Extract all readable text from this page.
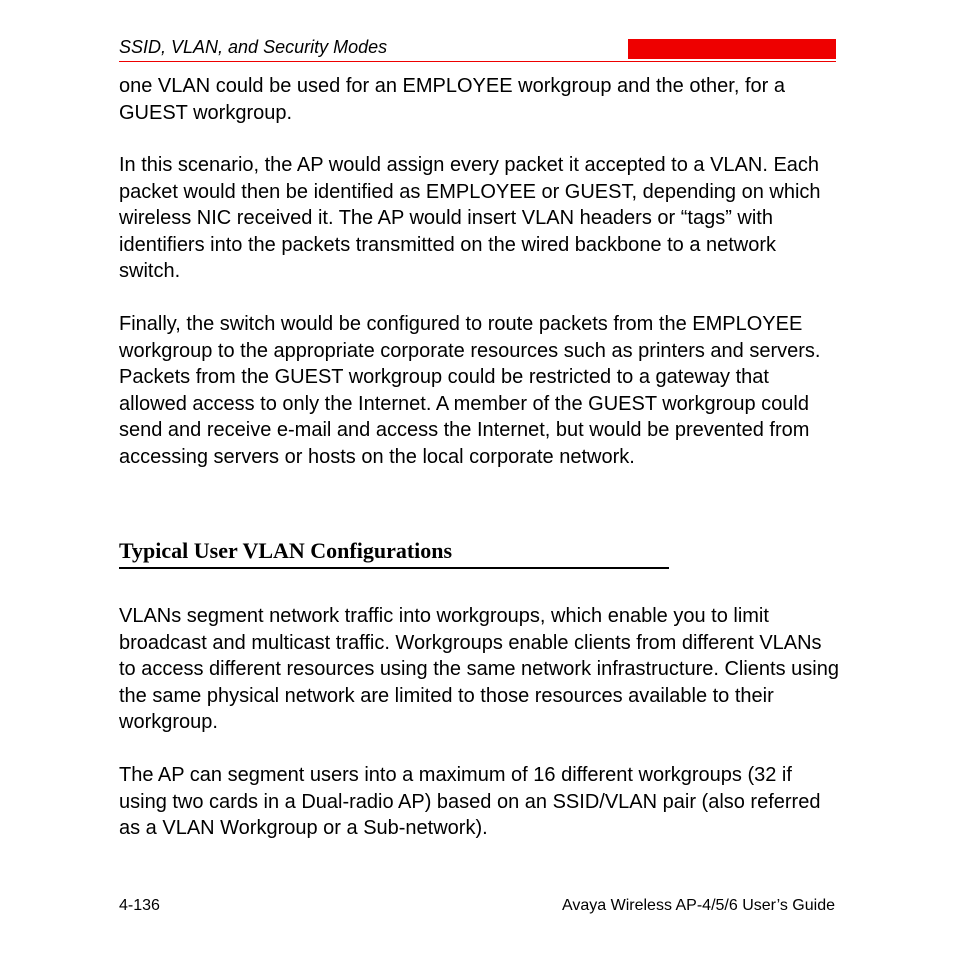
SSID, VLAN, and Security Modes

one VLAN could be used for an EMPLOYEE workgroup and the other, for a GUEST workgroup.

In this scenario, the AP would assign every packet it accepted to a VLAN. Each packet would then be identified as EMPLOYEE or GUEST, depending on which wireless NIC received it. The AP would insert VLAN headers or “tags” with identifiers into the packets transmitted on the wired backbone to a network switch.

Finally, the switch would be configured to route packets from the EMPLOYEE workgroup to the appropriate corporate resources such as printers and servers. Packets from the GUEST workgroup could be restricted to a gateway that allowed access to only the Internet. A member of the GUEST workgroup could send and receive e-mail and access the Internet, but would be prevented from accessing servers or hosts on the local corporate network.

Typical User VLAN Configurations

VLANs segment network traffic into workgroups, which enable you to limit broadcast and multicast traffic. Workgroups enable clients from different VLANs to access different resources using the same network infrastructure. Clients using the same physical network are limited to those resources available to their workgroup.

The AP can segment users into a maximum of 16 different workgroups (32 if using two cards in a Dual-radio AP) based on an SSID/VLAN pair (also referred as a VLAN Workgroup or a Sub-network).

4-136	Avaya Wireless AP-4/5/6 User’s Guide
